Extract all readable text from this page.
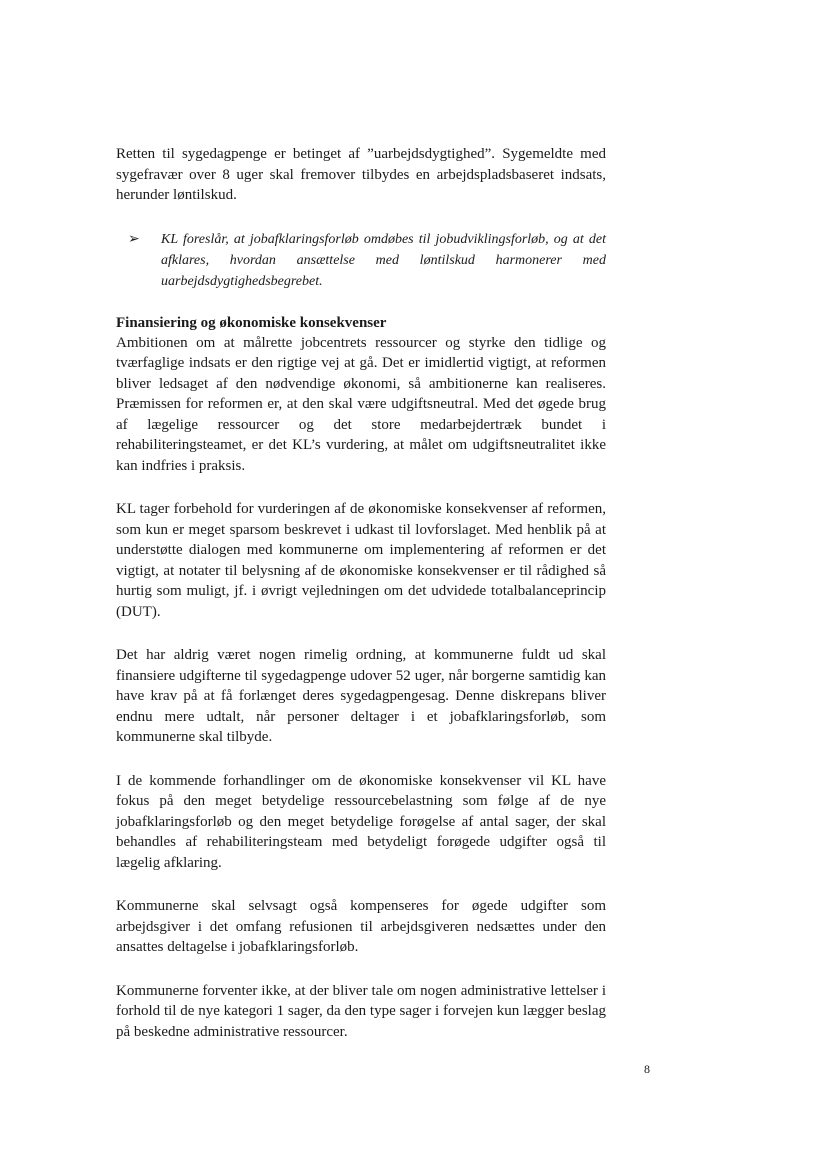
Retten til sygedagpenge er betinget af ”uarbejdsdygtighed”. Sygemeldte med sygefravær over 8 uger skal fremover tilbydes en arbejdspladsbaseret indsats, herunder løntilskud.

➢ KL foreslår, at jobafklaringsforløb omdøbes til jobudviklingsforløb, og at det afklares, hvordan ansættelse med løntilskud harmonerer med uarbejdsdygtighedsbegrebet.
Finansiering og økonomiske konsekvenser
Ambitionen om at målrette jobcentrets ressourcer og styrke den tidlige og tværfaglige indsats er den rigtige vej at gå. Det er imidlertid vigtigt, at reformen bliver ledsaget af den nødvendige økonomi, så ambitionerne kan realiseres. Præmissen for reformen er, at den skal være udgiftsneutral. Med det øgede brug af lægelige ressourcer og det store medarbejdertræk bundet i rehabiliteringsteamet, er det KL’s vurdering, at målet om udgiftsneutralitet ikke kan indfries i praksis.

KL tager forbehold for vurderingen af de økonomiske konsekvenser af reformen, som kun er meget sparsom beskrevet i udkast til lovforslaget. Med henblik på at understøtte dialogen med kommunerne om implementering af reformen er det vigtigt, at notater til belysning af de økonomiske konsekvenser er til rådighed så hurtig som muligt, jf. i øvrigt vejledningen om det udvidede totalbalanceprincip (DUT).

Det har aldrig været nogen rimelig ordning, at kommunerne fuldt ud skal finansiere udgifterne til sygedagpenge udover 52 uger, når borgerne samtidig kan have krav på at få forlænget deres sygedagpengesag. Denne diskrepans bliver endnu mere udtalt, når personer deltager i et jobafklaringsforløb, som kommunerne skal tilbyde.

I de kommende forhandlinger om de økonomiske konsekvenser vil KL have fokus på den meget betydelige ressourcebelastning som følge af de nye jobafklaringsforløb og den meget betydelige forøgelse af antal sager, der skal behandles af rehabiliteringsteam med betydeligt forøgede udgifter også til lægelig afklaring.

Kommunerne skal selvsagt også kompenseres for øgede udgifter som arbejdsgiver i det omfang refusionen til arbejdsgiveren nedsættes under den ansattes deltagelse i jobafklaringsforløb.

Kommunerne forventer ikke, at der bliver tale om nogen administrative lettelser i forhold til de nye kategori 1 sager, da den type sager i forvejen kun lægger beslag på beskedne administrative ressourcer.

8
